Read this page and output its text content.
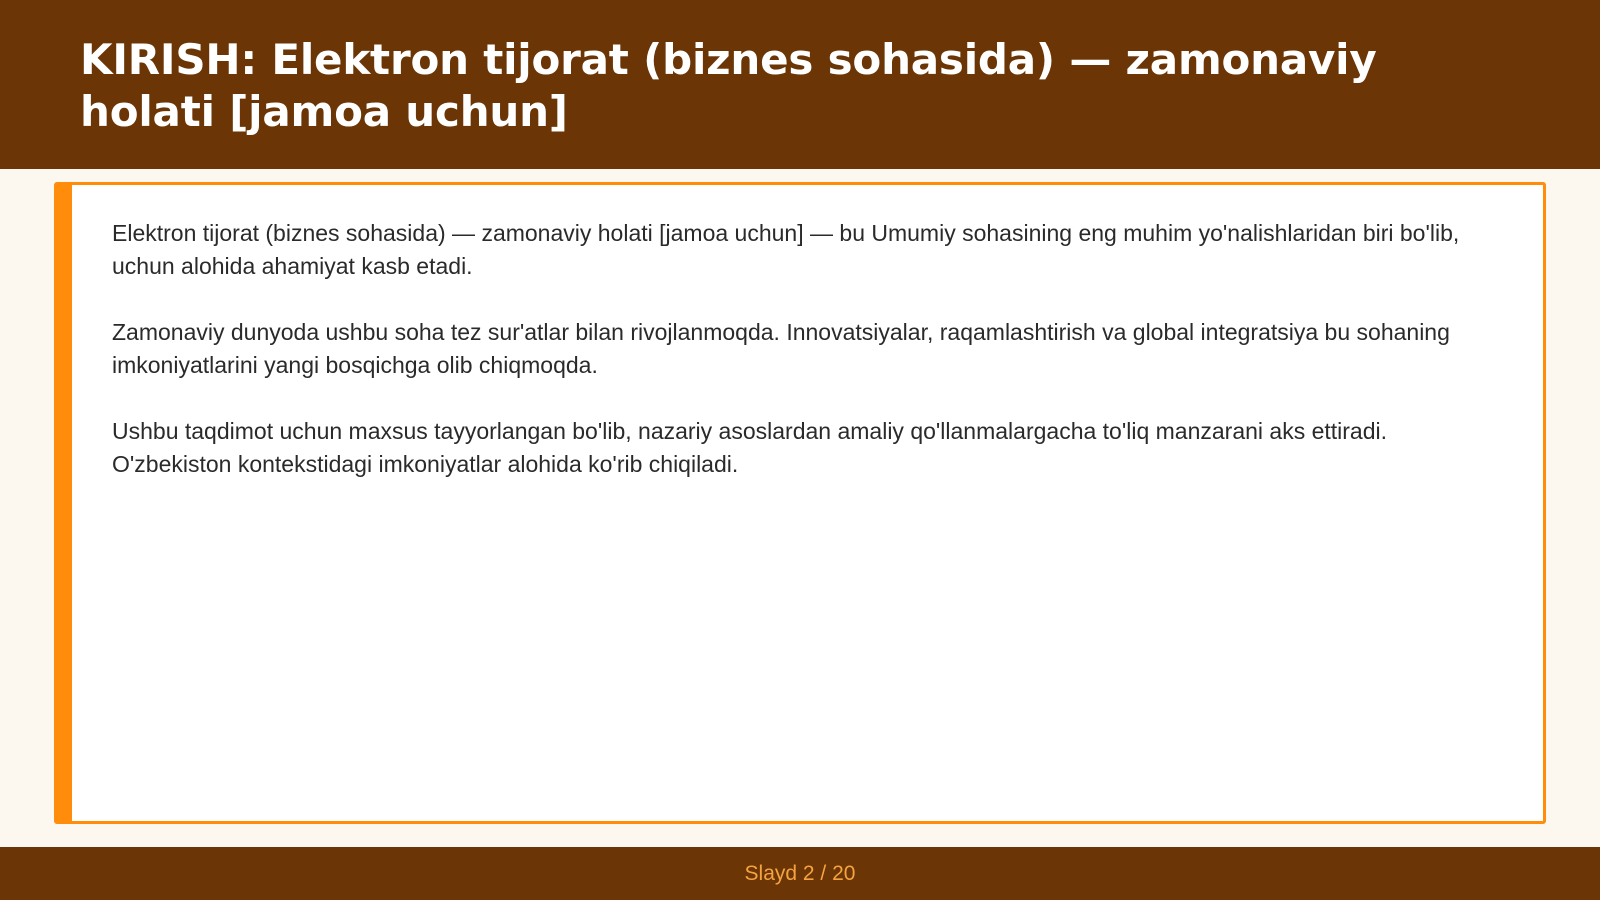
KIRISH: Elektron tijorat (biznes sohasida) — zamonaviy holati [jamoa uchun]

Elektron tijorat (biznes sohasida) — zamonaviy holati [jamoa uchun] — bu Umumiy sohasining eng muhim yo'nalishlaridan biri bo'lib, uchun alohida ahamiyat kasb etadi.

Zamonaviy dunyoda ushbu soha tez sur'atlar bilan rivojlanmoqda. Innovatsiyalar, raqamlashtirish va global integratsiya bu sohaning imkoniyatlarini yangi bosqichga olib chiqmoqda.

Ushbu taqdimot uchun maxsus tayyorlangan bo'lib, nazariy asoslardan amaliy qo'llanmalargacha to'liq manzarani aks ettiradi. O'zbekiston kontekstidagi imkoniyatlar alohida ko'rib chiqiladi.

Slayd 2 / 20
